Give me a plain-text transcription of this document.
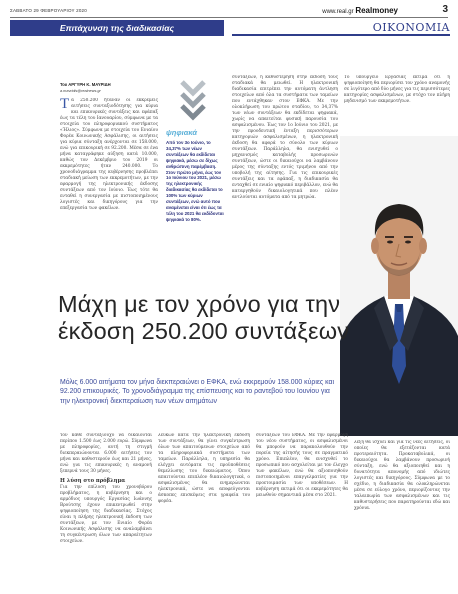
ΣΑΒΒΑΤΟ 29 ΦΕΒΡΟΥΑΡΙΟΥ 2020	www.real.gr Realmoney	3
Επιτάχυνση της διαδικασίας	ΟΙΚΟΝΟΜΙΑ
Του ΑΡΓΥΡΗ Κ. ΜΑΥΡΙΔΗ
a.mavridis@realnews.gr
Τα 250.200 ήταναν οι εκκρεμείς αιτήσεις συνταξιοδότησης για κύρια και επικουρικές συντάξεις και εφάπαξ έως τα τέλη του Ιανουαρίου, σύμφωνα με τα στοιχεία του πληροφοριακού συστήματος «Ήλιος». Σύμφωνα με στοιχεία του Ενιαίου Φορέα Κοινωνικής Ασφάλισης, οι αιτήσεις για κύρια σύνταξη ανέρχονται σε 158.000, ενώ για επικουρική σε 92.200. Μέσα σε ένα μήνα καταγράφηκε αύξηση κατά 10.000, καθώς τον Δεκέμβριο του 2019 οι εκκρεμότητες ήταν 240.000. Το χρονοδιάγραμμα της κυβέρνησης προβλέπει σταδιακή μείωση των εκκρεμοτήτων, με την εφαρμογή της ηλεκτρονικής έκδοσης συντάξεων από τον Ιούνιο. Έως τότε θα ενταθεί η συνεργασία με πιστοποιημένους λογιστές και δικηγόρους για την επεξεργασία των φακέλων.
ψηφιακά
Από τον 3ο Ιούνιο, το 34,37% των νέων συντάξεων θα εκδίδεται ψηφιακά, μέσω σε δίχως ανθρώπινη παρέμβαση. Στον πρώτο μήνα, έως τον 1ο Ιούνιου του 2021, μέσω της ηλεκτρονικής διαδικασίας θα εκδίδεται το 100% των κύριων συντάξεων, ενώ αυτό που αναμένεται είναι ότι έως τα τέλη του 2021 θα εκδίδονται ψηφιακά το 80%.
συντάξεων, η καθυστέρηση στην έκδοση τους σταδιακά θα μειωθεί. Η ηλεκτρονική διαδικασία επιτρέπει την αυτόματη άντληση στοιχείων από όλα τα συστήματα των ταμείων που εντάχθηκαν στον ΕΦΚΑ. Με την ολοκλήρωση του πρώτου σταδίου, το 34,37% των νέων συντάξεων θα εκδίδεται ψηφιακά, χωρίς να απαιτείται φυσική παρουσία του ασφαλισμένου. Έως τον 1ο Ιούνιο του 2021, με την προοδευτική ένταξη περισσότερων κατηγοριών ασφαλισμένων, η ηλεκτρονική έκδοση θα αφορά το σύνολο των κύριων συντάξεων. Παράλληλα, θα ενισχυθεί ο μηχανισμός καταβολής προσωρινών συντάξεων, ώστε οι δικαιούχοι να λαμβάνουν μέρος της σύνταξης εντός τριμήνου από την υποβολή της αίτησης. Για τις επικουρικές συντάξεις και τα εφάπαξ, η διαδικασία θα ενταχθεί σε ενιαίο ψηφιακό περιβάλλον, ενώ θα καταργηθούν δικαιολογητικά που πλέον αντλούνται αυτόματα από τα μητρώα.
Το υπουργείο Εργασίας εκτιμά ότι η ψηφιοποίηση θα περιορίσει τον χρόνο αναμονής σε λιγότερο από δύο μήνες για τις περισσότερες κατηγορίες ασφαλισμένων, με στόχο τον πλήρη μηδενισμό των εκκρεμοτήτων.
Μάχη με τον χρόνο για την έκδοση 250.200 συντάξεων
Μόλις 6.000 αιτήματα τον μήνα διεκπεραιώνει ο ΕΦΚΑ, ενώ εκκρεμούν 158.000 κύριες και 92.200 επικουρικές. Το χρονοδιάγραμμα της επίσπευσης και το ραντεβού του Ιουνίου για την ηλεκτρονική διεκπεραίωση των νέων αιτημάτων
τον κάθε συνταξιούχο να δικαιούται περίπου 1.500 έως 2.000 ευρώ. Σύμφωνα με πληροφορίες, αυτή τη στιγμή διεκπεραιώνονται 6.000 αιτήσεις τον μήνα και καθυστερούν έως και 21 μήνες, ενώ για τις επικουρικές η αναμονή ξεπερνά τους 30 μήνες.
Η λύση στο πρόβλημα
Για την επίλυση του χρονοβόρου προβλήματος, η κυβέρνηση και ο αρμόδιος υπουργός Εργασίας Ιωάννης Βρούτσης έχουν επικεντρωθεί στην ψηφιοποίηση της διαδικασίας. Στόχος είναι η πλήρης ηλεκτρονική έκδοση των συντάξεων, με τον Ενιαίο Φορέα Κοινωνικής Ασφάλισης να αναλαμβάνει τη συγκέντρωση όλων των απαραίτητων στοιχείων.
λευκών κατά την ηλεκτρονική έκδοση των συντάξεων, θα γίνει συγκέντρωση όλων των απαιτούμενων στοιχείων από τα πληροφοριακά συστήματα των ταμείων. Παράλληλα, η υπηρεσία θα ελέγχει αυτόματα τις προϋποθέσεις θεμελίωσης του δικαιώματος. Όπου απαιτούνται επιπλέον δικαιολογητικά, ο ασφαλισμένος θα ενημερώνεται ηλεκτρονικά, ώστε να αποφεύγονται άσκοπες επισκέψεις στα γραφεία του φορέα.
συντάξεων του ΕΦΚΑ. Με την εφαρμογή του νέου συστήματος, οι ασφαλισμένοι θα μπορούν να παρακολουθούν την πορεία της αίτησής τους σε πραγματικό χρόνο. Επιπλέον, θα ενισχυθεί το προσωπικό που ασχολείται με τον έλεγχο των φακέλων, ενώ θα αξιοποιηθούν πιστοποιημένοι επαγγελματίες για την προετοιμασία των υποθέσεων. Η κυβέρνηση εκτιμά ότι οι εκκρεμότητες θα μειωθούν σημαντικά μέσα στο 2021.
λεξη θα ισχύει και για τις νέες αιτήσεις, οι οποίες θα εξετάζονται κατά προτεραιότητα. Προκαταβολικά, οι δικαιούχοι θα λαμβάνουν προσωρινή σύνταξη, ενώ θα αξιοποιηθεί και η δυνατότητα απονομής από ιδιώτες λογιστές και δικηγόρους. Σύμφωνα με το σχέδιο, η διαδικασία θα ολοκληρώνεται μέσα σε εύλογο χρόνο, περιορίζοντας την ταλαιπωρία των ασφαλισμένων και τις καθυστερήσεις που παρατηρούνται εδώ και χρόνια.
